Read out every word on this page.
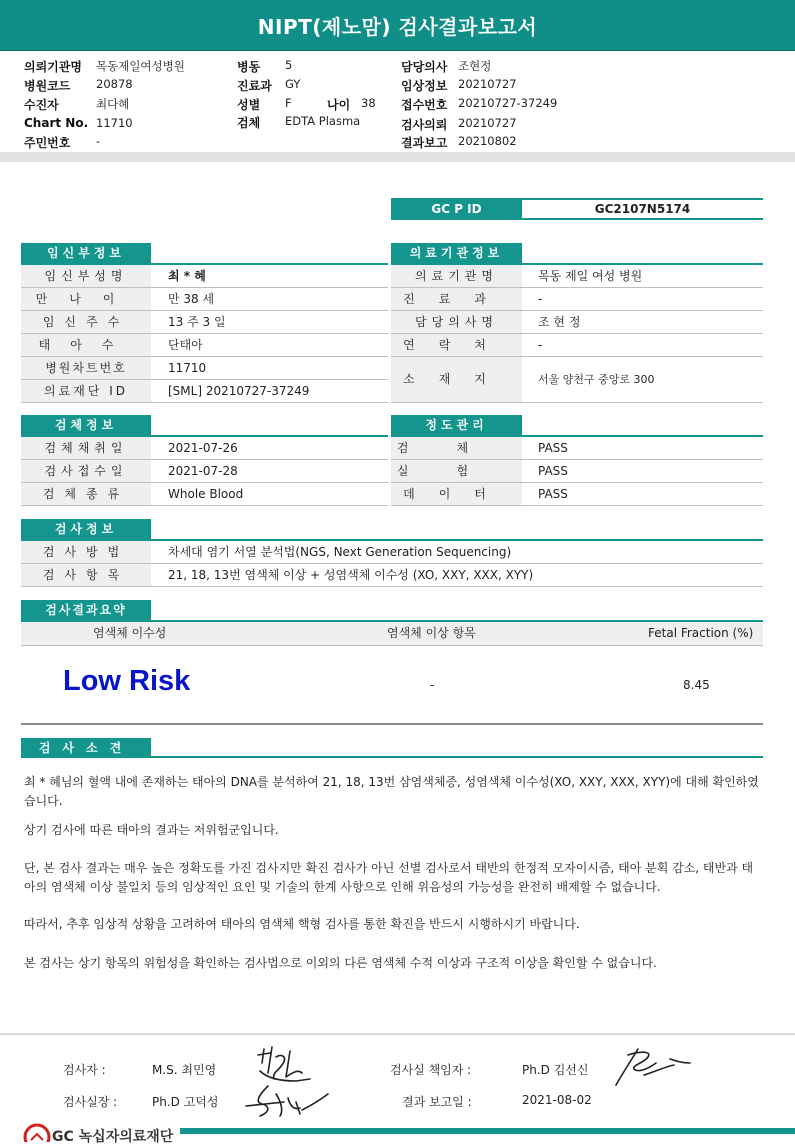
NIPT(제노맘) 검사결과보고서
의뢰기관명 목동제일여성병원
병원코드 20878
수진자	최다혜
Chart No. 11710
주민번호 -
병동 5
진료과 GY
성별 F	나이 38
검체 EDTA Plasma
담당의사 조현정
임상정보 20210727
접수번호 20210727-37249
검사의뢰 20210727
결과보고 20210802
GC P ID	GC2107N5174
임신부정보
임신부성명	최 * 혜
만나이	만 38 세
임신주수	13 주 3 일
태아수	단태아
병원차트번호	11710
의료재단 ID	[SML] 20210727-37249
의료기관정보
의료기관명	목동 제일 여성 병원
진료과	-
담당의사명	조 현 정
연락처	-
소재지	서울 양천구 중앙로 300
검체정보
검체채취일	2021-07-26
검사접수일	2021-07-28
검체종류	Whole Blood
정도관리
검체	PASS
실험	PASS
데이터	PASS
검사정보
검사방법	차세대 염기 서열 분석법(NGS, Next Generation Sequencing)
검사항목	21, 18, 13번 염색체 이상 + 성염색체 이수성 (XO, XXY, XXX, XYY)
검사결과요약
염색체 이수성	염색체 이상 항목	Fetal Fraction (%)
Low Risk	-	8.45
검사소견
최 * 혜님의 혈액 내에 존재하는 태아의 DNA를 분석하여 21, 18, 13번 삼염색체증, 성염색체 이수성(XO, XXY, XXX, XYY)에 대해 확인하였습니다.
상기 검사에 따른 태아의 결과는 저위험군입니다.
단, 본 검사 결과는 매우 높은 정확도를 가진 검사지만 확진 검사가 아닌 선별 검사로서 태반의 한정적 모자이시즘, 태아 분획 감소, 태반과 태아의 염색체 이상 불일치 등의 임상적인 요인 및 기술의 한계 사항으로 인해 위음성의 가능성을 완전히 배제할 수 없습니다.
따라서, 추후 임상적 상황을 고려하여 태아의 염색체 핵형 검사를 통한 확진을 반드시 시행하시기 바랍니다.
본 검사는 상기 항목의 위험성을 확인하는 검사법으로 이외의 다른 염색체 수적 이상과 구조적 이상을 확인할 수 없습니다.
검사자 :	M.S. 최민영	검사실 책임자 :	Ph.D 김선신
검사실장 :	Ph.D 고덕성	결과 보고일 :	2021-08-02
GC 녹십자의료재단
